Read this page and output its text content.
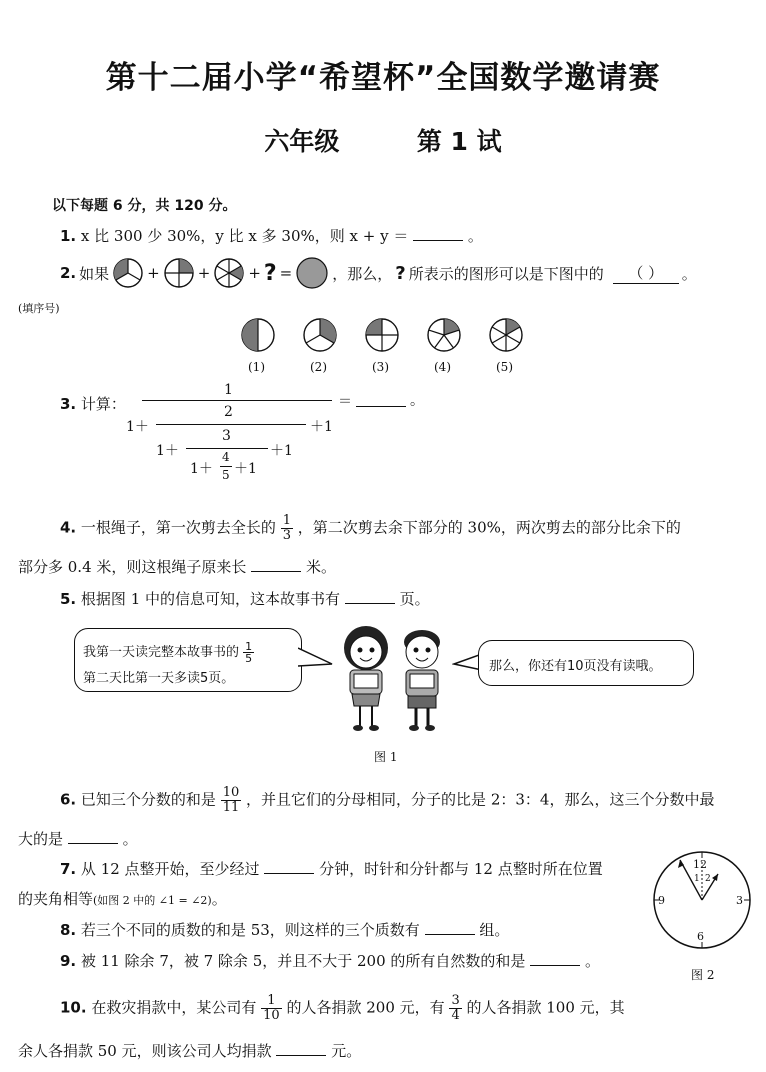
第十二届小学“希望杯”全国数学邀请赛
六年级	第 1 试
以下每题 6 分，共 120 分。
1. x 比 300 少 30%，y 比 x 多 30%，则 x + y ＝	。
2. 如果	+	+	+ ? =	，那么， ? 所表示的图形可以是下图中的	（ ）	。
(填序号)
(1)	(2)	(3)	(4)	(5)
3. 计算：
1
＝	。
2
1＋	＋1
3
1＋	＋1
1＋
4
5 ＋1
4. 一根绳子，第一次剪去全长的 $\frac{1}{3}$ ，第二次剪去余下部分的 30%，两次剪去的部分比余下的
部分多 0.4 米，则这根绳子原来长	米。
5. 根据图 1 中的信息可知，这本故事书有	页。
我第一天读完整本故事书的 $\frac{1}{5}$
第二天比第一天多读5页。
那么，你还有10页没有读哦。
图 1
6. 已知三个分数的和是 $\frac{10}{11}$ ，并且它们的分母相同，分子的比是 2：3：4，那么，这三个分数中最
大的是	。
7. 从 12 点整开始，至少经过	分钟，时针和分针都与 12 点整时所在位置
的夹角相等(如图 2 中的 ∠1 = ∠2)。
12
3
6
9
1 2
图 2
8. 若三个不同的质数的和是 53，则这样的三个质数有	组。
9. 被 11 除余 7，被 7 除余 5，并且不大于 200 的所有自然数的和是	。
10. 在救灾捐款中，某公司有 $\frac{1}{10}$ 的人各捐款 200 元，有 $\frac{3}{4}$ 的人各捐款 100 元，其
余人各捐款 50 元，则该公司人均捐款	元。
